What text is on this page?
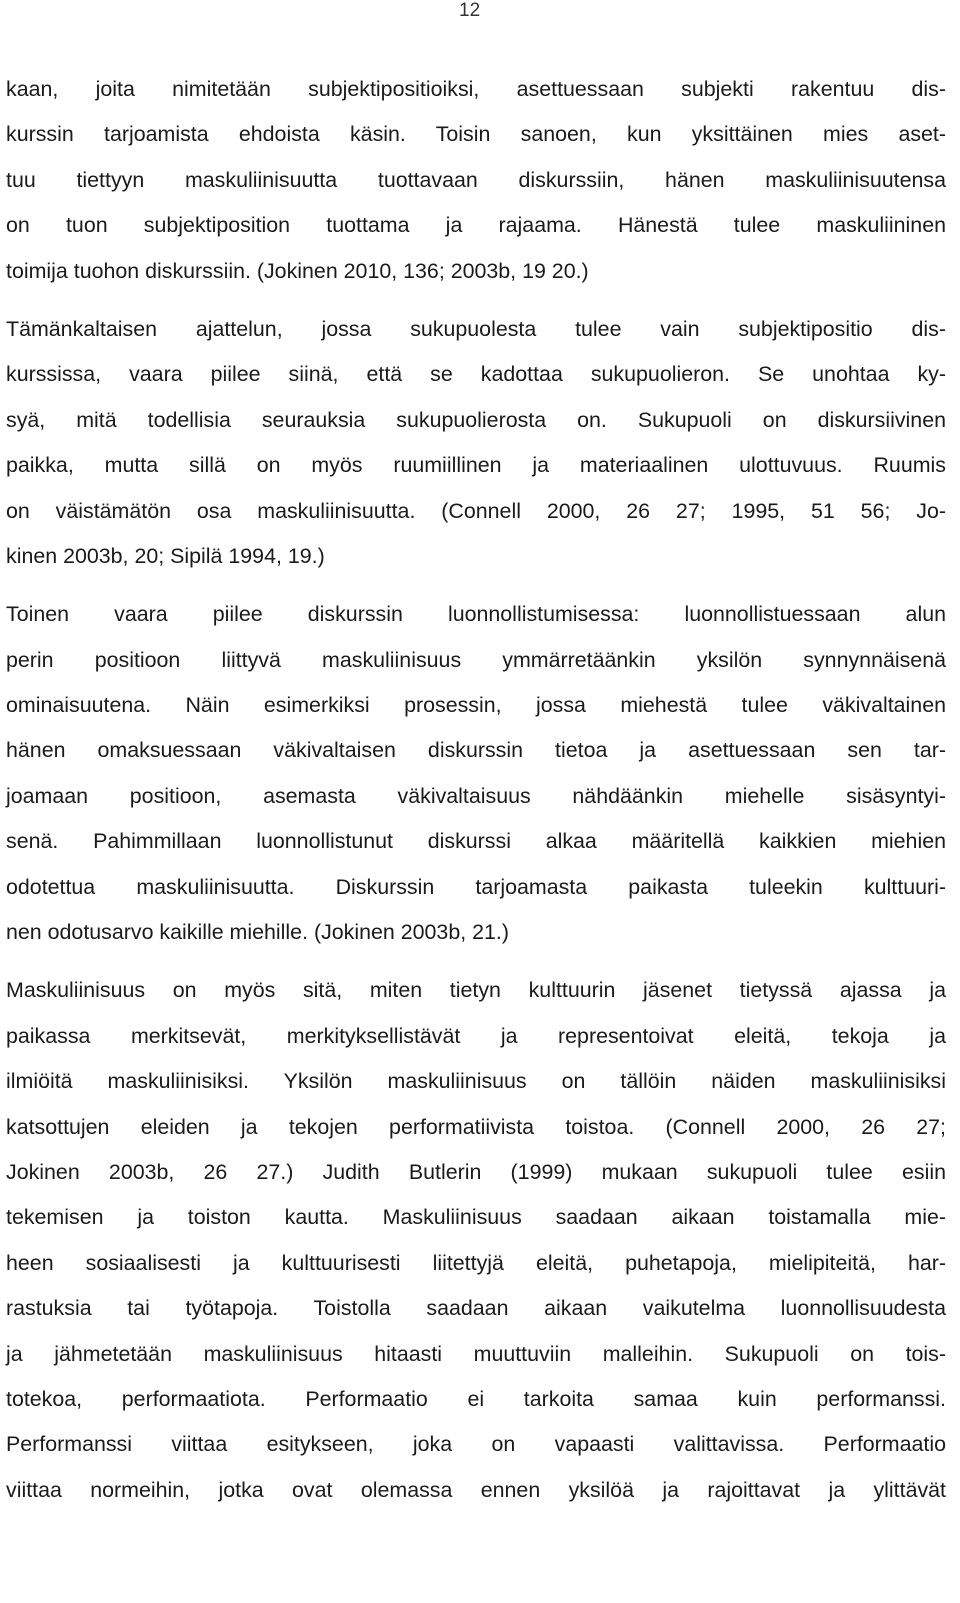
12
kaan, joita nimitetään subjektipositioiksi, asettuessaan subjekti rakentuu dis-
kurssin tarjoamista ehdoista käsin. Toisin sanoen, kun yksittäinen mies aset-
tuu tiettyyn maskuliinisuutta tuottavaan diskurssiin, hänen maskuliinisuutensa
on tuon subjektiposition tuottama ja rajaama. Hänestä tulee maskuliininen
toimija tuohon diskurssiin. (Jokinen 2010, 136; 2003b, 19 20.)
Tämänkaltaisen ajattelun, jossa sukupuolesta tulee vain subjektipositio dis-
kurssissa, vaara piilee siinä, että se kadottaa sukupuolieron. Se unohtaa ky-
syä, mitä todellisia seurauksia sukupuolierosta on. Sukupuoli on diskursiivinen
paikka, mutta sillä on myös ruumiillinen ja materiaalinen ulottuvuus. Ruumis
on väistämätön osa maskuliinisuutta. (Connell 2000, 26 27; 1995, 51 56; Jo-
kinen 2003b, 20; Sipilä 1994, 19.)
Toinen vaara piilee diskurssin luonnollistumisessa: luonnollistuessaan alun
perin positioon liittyvä maskuliinisuus ymmärretäänkin yksilön synnynnäisenä
ominaisuutena. Näin esimerkiksi prosessin, jossa miehestä tulee väkivaltainen
hänen omaksuessaan väkivaltaisen diskurssin tietoa ja asettuessaan sen tar-
joamaan positioon, asemasta väkivaltaisuus nähdäänkin miehelle sisäsyntyi-
senä. Pahimmillaan luonnollistunut diskurssi alkaa määritellä kaikkien miehien
odotettua maskuliinisuutta. Diskurssin tarjoamasta paikasta tuleekin kulttuuri-
nen odotusarvo kaikille miehille. (Jokinen 2003b, 21.)
Maskuliinisuus on myös sitä, miten tietyn kulttuurin jäsenet tietyssä ajassa ja
paikassa merkitsevät, merkityksellistävät ja representoivat eleitä, tekoja ja
ilmiöitä maskuliinisiksi. Yksilön maskuliinisuus on tällöin näiden maskuliinisiksi
katsottujen eleiden ja tekojen performatiivista toistoa. (Connell 2000, 26 27;
Jokinen 2003b, 26 27.) Judith Butlerin (1999) mukaan sukupuoli tulee esiin
tekemisen ja toiston kautta. Maskuliinisuus saadaan aikaan toistamalla mie-
heen sosiaalisesti ja kulttuurisesti liitettyjä eleitä, puhetapoja, mielipiteitä, har-
rastuksia tai työtapoja. Toistolla saadaan aikaan vaikutelma luonnollisuudesta
ja jähmetetään maskuliinisuus hitaasti muuttuviin malleihin. Sukupuoli on tois-
totekoa, performaatiota. Performaatio ei tarkoita samaa kuin performanssi.
Performanssi viittaa esitykseen, joka on vapaasti valittavissa. Performaatio
viittaa normeihin, jotka ovat olemassa ennen yksilöä ja rajoittavat ja ylittävät
